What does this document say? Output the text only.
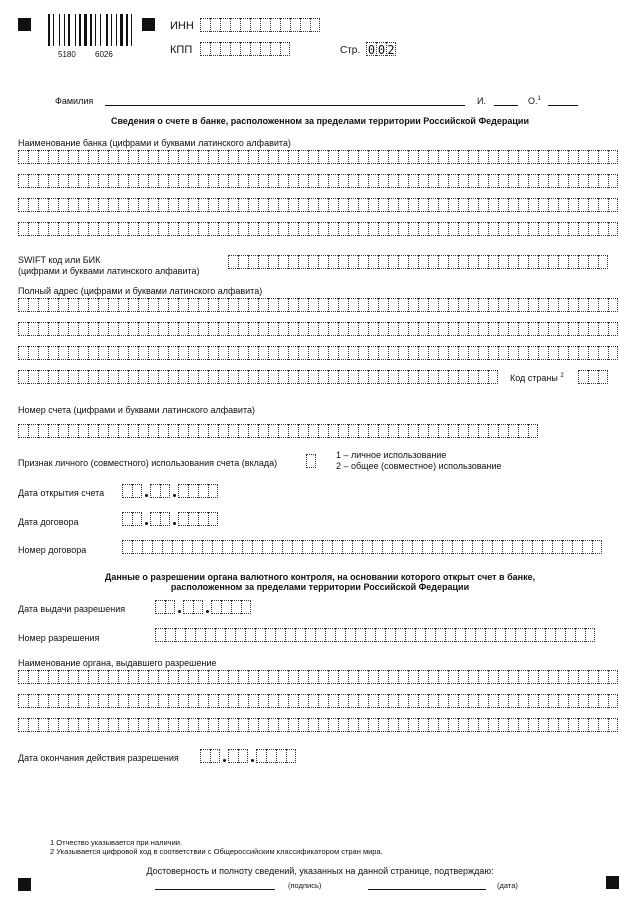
5180 6026
ИНН
КПП	Стр. 0 0 2
Фамилия	И.	О.$^1$
Сведения о счете в банке, расположенном за пределами территории Российской Федерации
Наименование банка (цифрами и буквами латинского алфавита)
SWIFT код или БИК
(цифрами и буквами латинского алфавита)
Полный адрес (цифрами и буквами латинского алфавита)
Код страны $^2$
Номер счета (цифрами и буквами латинского алфавита)
Признак личного (совместного) использования счета (вклада)
1 – личное использование
2 – общее (совместное) использование
Дата открытия счета
Дата договора
Номер договора
Данные о разрешении органа валютного контроля, на основании которого открыт счет в банке,
расположенном за пределами территории Российской Федерации
Дата выдачи разрешения
Номер разрешения
Наименование органа, выдавшего разрешение
Дата окончания действия разрешения
1 Отчество указывается при наличии.
2 Указывается цифровой код в соответствии с Общероссийским классификатором стран мира.
Достоверность и полноту сведений, указанных на данной странице, подтверждаю:
(подпись)	(дата)
